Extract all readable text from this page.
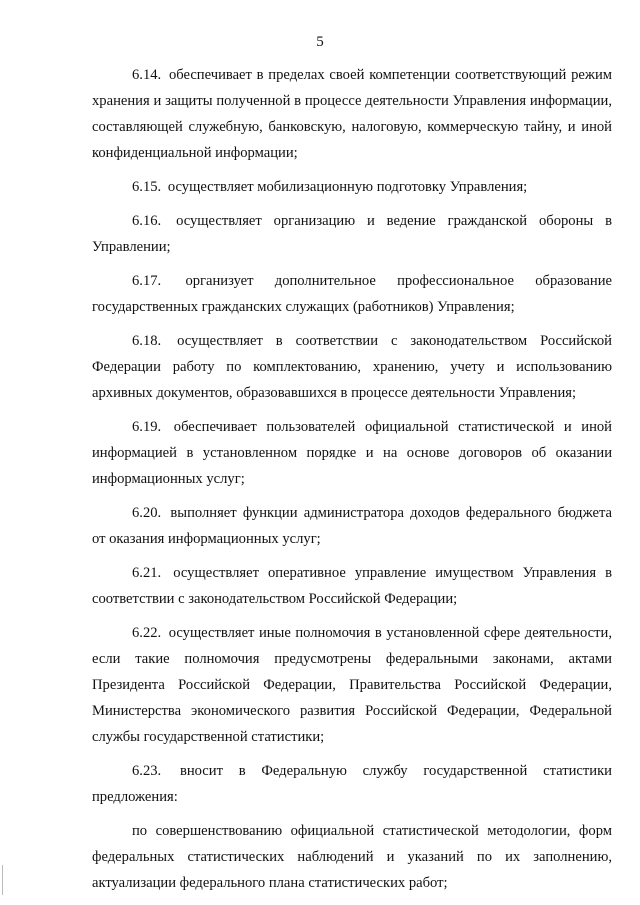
5

6.14. обеспечивает в пределах своей компетенции соответствующий режим хранения и защиты полученной в процессе деятельности Управления информации, составляющей служебную, банковскую, налоговую, коммерческую тайну, и иной конфиденциальной информации;

6.15. осуществляет мобилизационную подготовку Управления;

6.16. осуществляет организацию и ведение гражданской обороны в Управлении;

6.17. организует дополнительное профессиональное образование государственных гражданских служащих (работников) Управления;

6.18. осуществляет в соответствии с законодательством Российской Федерации работу по комплектованию, хранению, учету и использованию архивных документов, образовавшихся в процессе деятельности Управления;

6.19. обеспечивает пользователей официальной статистической и иной информацией в установленном порядке и на основе договоров об оказании информационных услуг;

6.20. выполняет функции администратора доходов федерального бюджета от оказания информационных услуг;

6.21. осуществляет оперативное управление имуществом Управления в соответствии с законодательством Российской Федерации;

6.22. осуществляет иные полномочия в установленной сфере деятельности, если такие полномочия предусмотрены федеральными законами, актами Президента Российской Федерации, Правительства Российской Федерации, Министерства экономического развития Российской Федерации, Федеральной службы государственной статистики;

6.23. вносит в Федеральную службу государственной статистики предложения:

по совершенствованию официальной статистической методологии, форм федеральных статистических наблюдений и указаний по их заполнению, актуализации федерального плана статистических работ;
